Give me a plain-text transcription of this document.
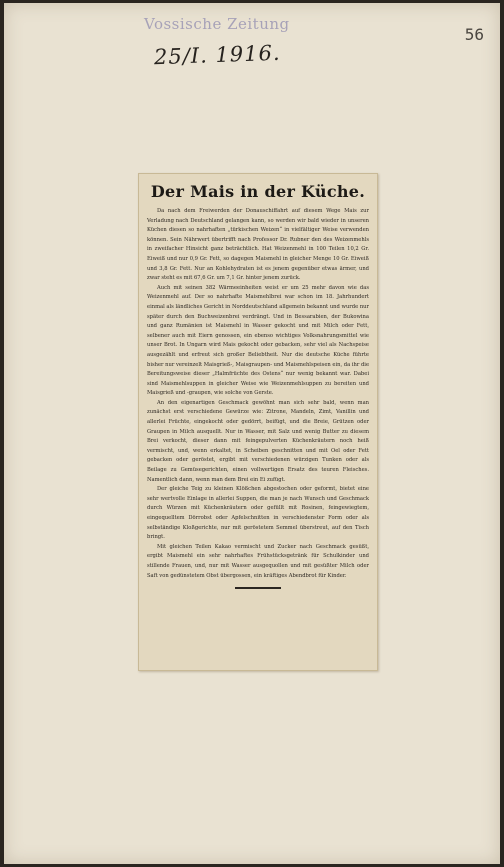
Vossische Zeitung
56
25/I. 1916.
Der Mais in der Küche.

Da nach dem Freiwerden der Donauschiffahrt auf diesem Wege Mais zur Verladung nach Deutschland gelangen kann, so werden wir bald wieder in unseren Küchen diesen so nahrhaften „türkischen Weizen“ in vielfältiger Weise verwenden können. Sein Nährwert übertrifft nach Professor Dr. Rubner den des Weizenmehls in zweifacher Hinsicht ganz beträchtlich. Hat Weizenmehl in 100 Teilen 10,2 Gr. Eiweiß und nur 0,9 Gr. Fett, so dagegen Maismehl in gleicher Menge 10 Gr. Eiweiß und 3,8 Gr. Fett. Nur an Kohlehydraten ist es jenem gegenüber etwas ärmer, und zwar steht es mit 67,6 Gr. um 7,1 Gr. hinter jenem zurück.

Auch mit seinen 382 Wärmeeinheiten weist er um 25 mehr davon wie das Weizenmehl auf. Der so nahrhafte Maismehlbrei war schon im 18. Jahrhundert einmal als ländliches Gericht in Norddeutschland allgemein bekannt und wurde nur später durch den Buchweizenbrei verdrängt. Und in Bessarabien, der Bukowina und ganz Rumänien ist Maismehl in Wasser gekocht und mit Milch oder Fett, selbener auch mit Eiern genossen, ein ebenso wichtiges Volksnahrungsmittel wie unser Brot. In Ungarn wird Mais gekocht oder gebacken, sehr viel als Nachspeise ausgezählt und erfreut sich großer Beliebtheit. Nur die deutsche Küche führte bisher nur vereinzelt Maisgrieß-, Maisgraupen- und Maismehlspeisen ein, da ihr die Bereitungsweise dieser „Halmfrüchte des Ostens“ nur wenig bekannt war. Dabei sind Maismehlsuppen in gleicher Weise wie Weizenmehlsuppen zu bereiten und Maisgrieß und -graupen, wie solche von Gerste.

An den eigenartigen Geschmack gewöhnt man sich sehr bald, wenn man zunächst erst verschiedene Gewürze wie: Zitrone, Mandeln, Zimt, Vanillin und allerlei Früchte, eingekocht oder gedörrt, beifügt, und die Breie, Grützen oder Graupen in Milch ausquellt. Nur in Wasser, mit Salz und wenig Butter zu diesem Brei verkocht, dieser dann mit feingepulverten Küchenkräutern noch heiß vermischt, und, wenn erkaltet, in Scheiben geschnitten und mit Oel oder Fett gebacken oder geröstet, ergibt mit verschiedenen würzigen Tunken oder als Beilage zu Gemüsegerichten, einen vollwertigen Ersatz des teuren Fleisches. Namentlich dann, wenn man dem Brei ein Ei zufügt.

Der gleiche Teig zu kleinen Klößchen abgestochen oder geformt, bietet eine sehr wertvolle Einlage in allerlei Suppen, die man je nach Wunsch und Geschmack durch Würzen mit Küchenkräutern oder gefüllt mit Rosinen, feingewiegtem, eingequelltem Dörrobst oder Apfelschnitten in verschiedenster Form oder als selbständige Kloßgerichte, nur mit geröstetem Semmel überstreut, auf den Tisch bringt.

Mit gleichen Teilen Kakao vermischt und Zucker nach Geschmack gesüßt, ergibt Maismehl ein sehr nahrhaftes Frühstücksgetränk für Schulkinder und stillende Frauen, und, nur mit Wasser ausgequollen und mit gesüßter Milch oder Saft von gedünstetem Obst übergossen, ein kräftiges Abendbrot für Kinder.
